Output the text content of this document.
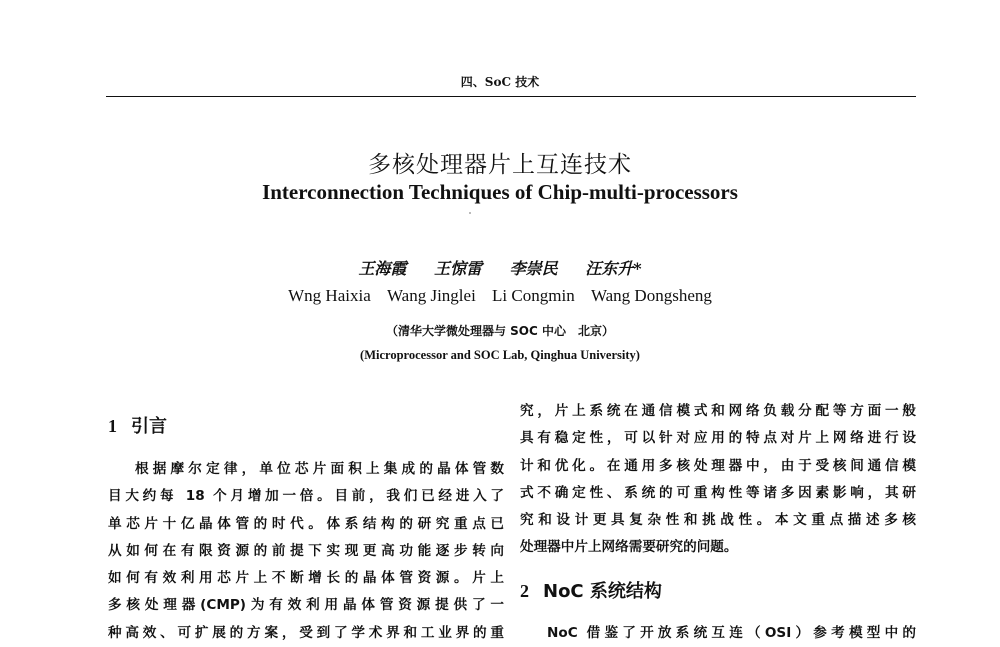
四、SoC 技术
多核处理器片上互连技术
Interconnection Techniques of Chip-multi-processors
王海霞 王惊雷 李崇民 汪东升*
Wng Haixia Wang Jinglei Li Congmin Wang Dongsheng
（清华大学微处理器与 SOC 中心　北京）
(Microprocessor and SOC Lab, Qinghua University)
1 引言

根据摩尔定律，单位芯片面积上集成的晶体管数
目大约每 18 个月增加一倍。目前，我们已经进入了
单芯片十亿晶体管的时代。体系结构的研究重点已
从如何在有限资源的前提下实现更高功能逐步转向
如何有效利用芯片上不断增长的晶体管资源。片上
多核处理器(CMP)为有效利用晶体管资源提供了一
种高效、可扩展的方案，受到了学术界和工业界的重

究，片上系统在通信模式和网络负载分配等方面一般
具有稳定性，可以针对应用的特点对片上网络进行设
计和优化。在通用多核处理器中，由于受核间通信模
式不确定性、系统的可重构性等诸多因素影响，其研
究和设计更具复杂性和挑战性。本文重点描述多核
处理器中片上网络需要研究的问题。

2 NoC 系统结构

NoC 借鉴了开放系统互连（OSI）参考模型中的
